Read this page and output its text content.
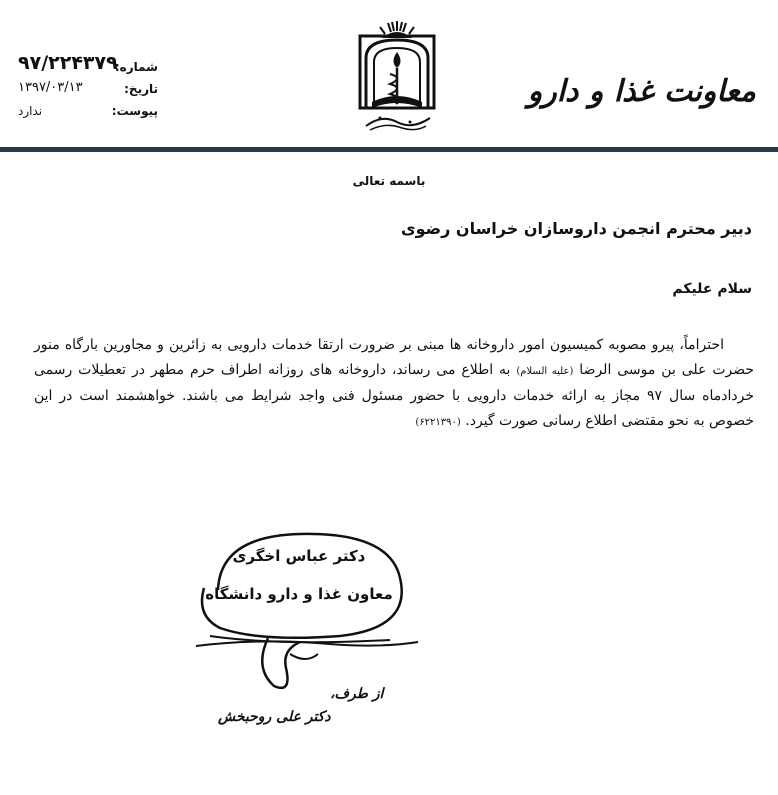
معاونت غذا و دارو
شماره:
۹۷/۲۲۴۳۷۹
تاریخ:
۱۳۹۷/۰۳/۱۳
پیوست:
ندارد
باسمه تعالی
دبیر محترم انجمن داروسازان خراسان رضوی
سلام علیکم

احتراماً، پیرو مصوبه کمیسیون امور داروخانه ها مبنی بر ضرورت ارتقا خدمات دارویی به زائرین و مجاورین بارگاه منور حضرت علی بن موسی الرضا (علیه السلام) به اطلاع می رساند، داروخانه های روزانه اطراف حرم مطهر در تعطیلات رسمی خردادماه سال ۹۷ مجاز به ارائه خدمات دارویی با حضور مسئول فنی واجد شرایط می باشند. خواهشمند است در این خصوص به نحو مقتضی اطلاع رسانی صورت گیرد. (۶۲۲۱۳۹۰)

دکتر عباس اخگری
معاون غذا و دارو دانشگاه
از طرف،
دکتر علی روحبخش
